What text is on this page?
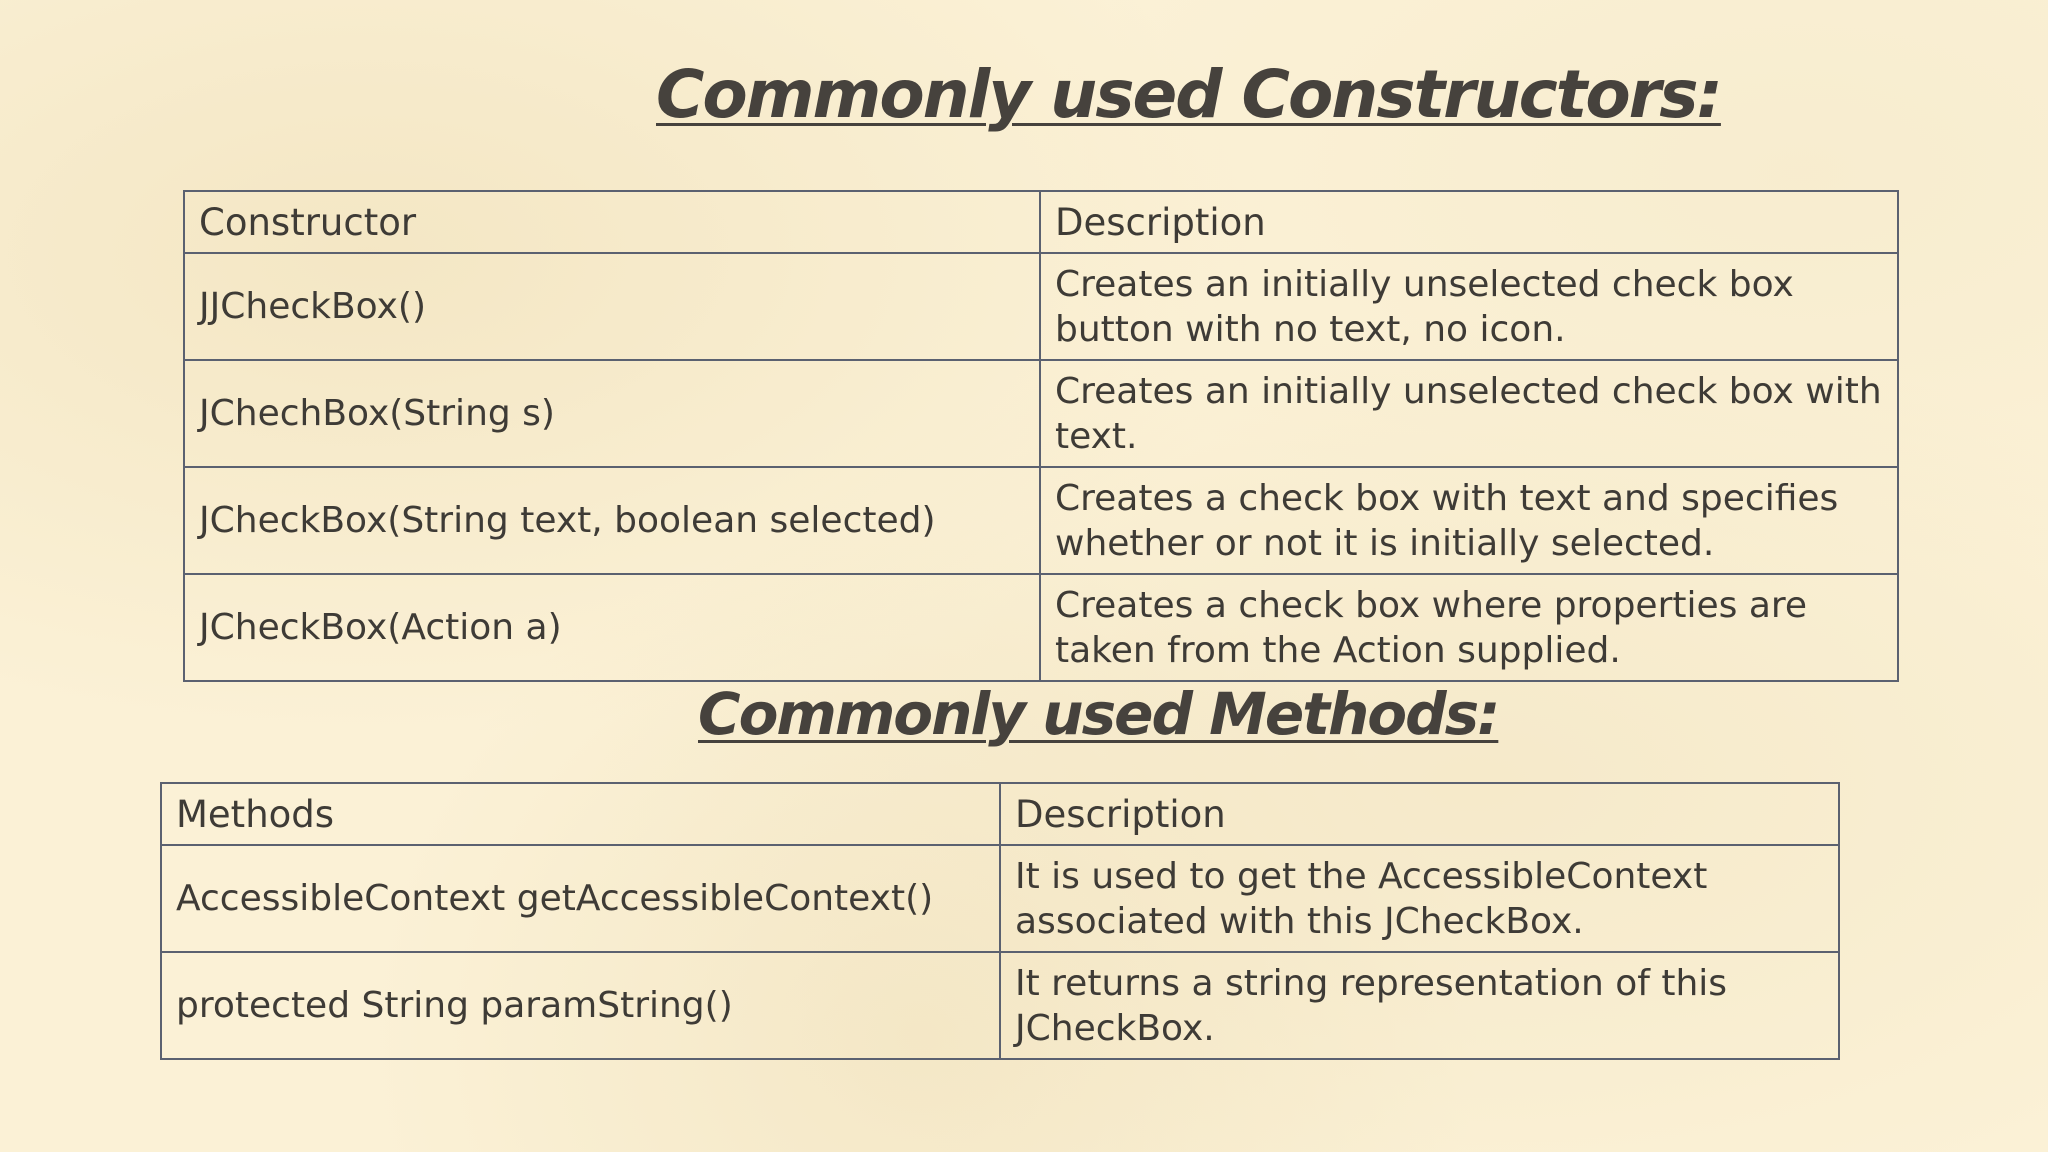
Commonly used Constructors:
Constructor	Description
JJCheckBox()	Creates an initially unselected check box button with no text, no icon.
JChechBox(String s)	Creates an initially unselected check box with text.
JCheckBox(String text, boolean selected)	Creates a check box with text and specifies whether or not it is initially selected.
JCheckBox(Action a)	Creates a check box where properties are taken from the Action supplied.
Commonly used Methods:
Methods	Description
AccessibleContext getAccessibleContext()	It is used to get the AccessibleContext associated with this JCheckBox.
protected String paramString()	It returns a string representation of this JCheckBox.
